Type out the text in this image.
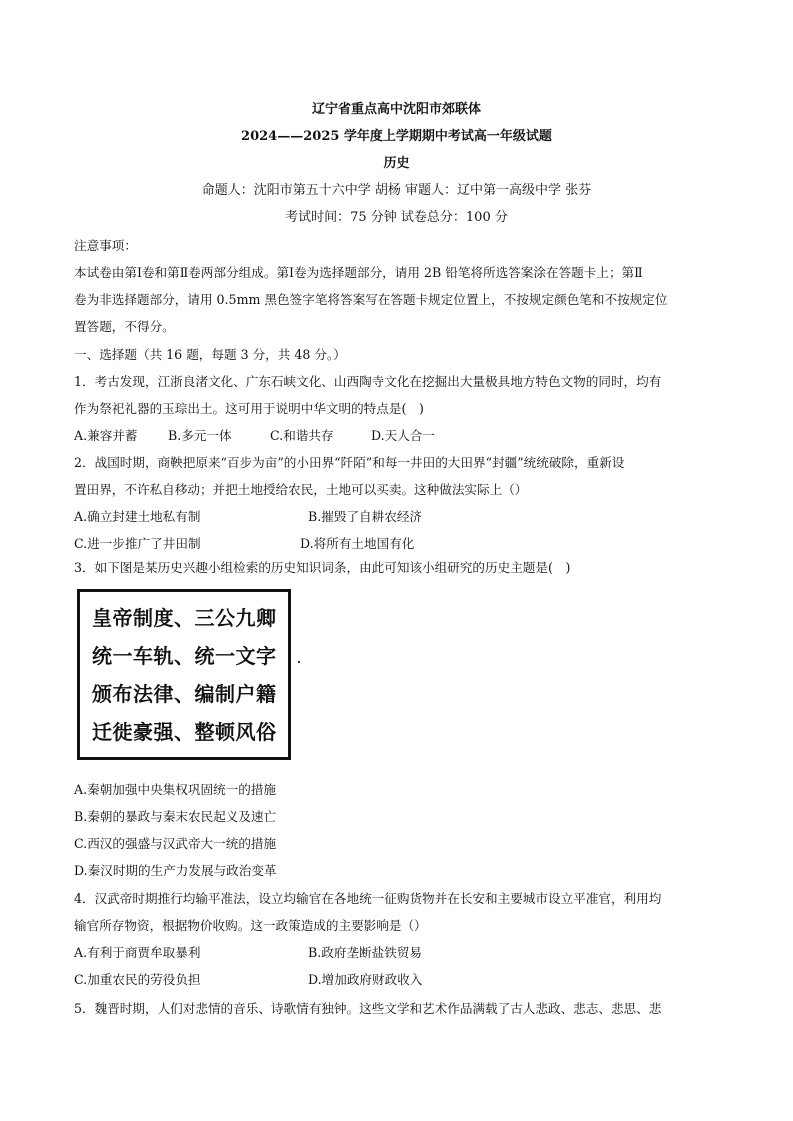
辽宁省重点高中沈阳市郊联体
2024——2025 学年度上学期期中考试高一年级试题
历史
命题人：沈阳市第五十六中学 胡杨 审题人：辽中第一高级中学 张芬
考试时间：75 分钟 试卷总分：100 分
注意事项：
本试卷由第Ⅰ卷和第Ⅱ卷两部分组成。第Ⅰ卷为选择题部分，请用 2B 铅笔将所选答案涂在答题卡上；第Ⅱ
卷为非选择题部分，请用 0.5mm 黑色签字笔将答案写在答题卡规定位置上，不按规定颜色笔和不按规定位
置答题，不得分。
一、选择题（共 16 题，每题 3 分，共 48 分。）
1．考古发现，江浙良渚文化、广东石峡文化、山西陶寺文化在挖掘出大量极具地方特色文物的同时，均有
作为祭祀礼器的玉琮出土。这可用于说明中华文明的特点是(　)
A.兼容并蓄 B.多元一体	C.和谐共存	D.天人合一
2．战国时期，商鞅把原来“百步为亩”的小田界“阡陌”和每一井田的大田界“封疆”统统破除，重新设
置田界，不许私自移动；并把土地授给农民，土地可以买卖。这种做法实际上（）
A.确立封建土地私有制	B.摧毁了自耕农经济
C.进一步推广了井田制	D.将所有土地国有化
3．如下图是某历史兴趣小组检索的历史知识词条，由此可知该小组研究的历史主题是(　)
皇帝制度、三公九卿
统一车轨、统一文字
颁布法律、编制户籍
迁徙豪强、整顿风俗
A.秦朝加强中央集权巩固统一的措施
B.秦朝的暴政与秦末农民起义及速亡
C.西汉的强盛与汉武帝大一统的措施
D.秦汉时期的生产力发展与政治变革
4．汉武帝时期推行均输平准法，设立均输官在各地统一征购货物并在长安和主要城市设立平准官，利用均
输官所存物资，根据物价收购。这一政策造成的主要影响是（）
A.有利于商贾牟取暴利	B.政府垄断盐铁贸易
C.加重农民的劳役负担	D.增加政府财政收入
5．魏晋时期，人们对悲情的音乐、诗歌情有独钟。这些文学和艺术作品满载了古人悲政、悲志、悲思、悲
